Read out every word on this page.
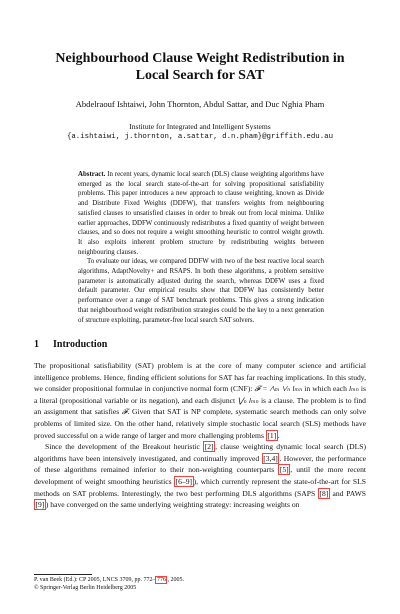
Neighbourhood Clause Weight Redistribution in Local Search for SAT
Abdelraouf Ishtaiwi, John Thornton, Abdul Sattar, and Duc Nghia Pham
Institute for Integrated and Intelligent Systems
{a.ishtaiwi, j.thornton, a.sattar, d.n.pham}@griffith.edu.au

Abstract. In recent years, dynamic local search (DLS) clause weighting algorithms have emerged as the local search state-of-the-art for solving propositional satisfiability problems. This paper introduces a new approach to clause weighting, known as Divide and Distribute Fixed Weights (DDFW), that transfers weights from neighbouring satisfied clauses to unsatisfied clauses in order to break out from local minima. Unlike earlier approaches, DDFW continuously redistributes a fixed quantity of weight between clauses, and so does not require a weight smoothing heuristic to control weight growth. It also exploits inherent problem structure by redistributing weights between neighbouring clauses.

To evaluate our ideas, we compared DDFW with two of the best reactive local search algorithms, AdaptNovelty+ and RSAPS. In both these algorithms, a problem sensitive parameter is automatically adjusted during the search, whereas DDFW uses a fixed default parameter. Our empirical results show that DDFW has consistently better performance over a range of SAT benchmark problems. This gives a strong indication that neighbourhood weight redistribution strategies could be the key to a next generation of structure exploiting, parameter-free local search SAT solvers.

1 Introduction

The propositional satisfiability (SAT) problem is at the core of many computer science and artificial intelligence problems. Hence, finding efficient solutions for SAT has far reaching implications. In this study, we consider propositional formulae in conjunctive normal form (CNF): 𝓕 = ⋀ₘ ⋁ₙ lₘₙ in which each lₘₙ is a literal (propositional variable or its negation), and each disjunct ⋁ₙ lₘₙ is a clause. The problem is to find an assignment that satisfies 𝓕. Given that SAT is NP complete, systematic search methods can only solve problems of limited size. On the other hand, relatively simple stochastic local search (SLS) methods have proved successful on a wide range of larger and more challenging problems [1] .

Since the development of the Breakout heuristic [2] , clause weighting dynamic local search (DLS) algorithms have been intensively investigated, and continually improved [3,4] . However, the performance of these algorithms remained inferior to their non-weighting counterparts [5] , until the more recent development of weight smoothing heuristics [6–9] ), which currently represent the state-of-the-art for SLS methods on SAT problems. Interestingly, the two best performing DLS algorithms (SAPS [8] and PAWS [9] ) have converged on the same underlying weighting strategy: increasing weights on

P. van Beek (Ed.): CP 2005, LNCS 3709, pp. 772– 776 , 2005.
© Springer-Verlag Berlin Heidelberg 2005
